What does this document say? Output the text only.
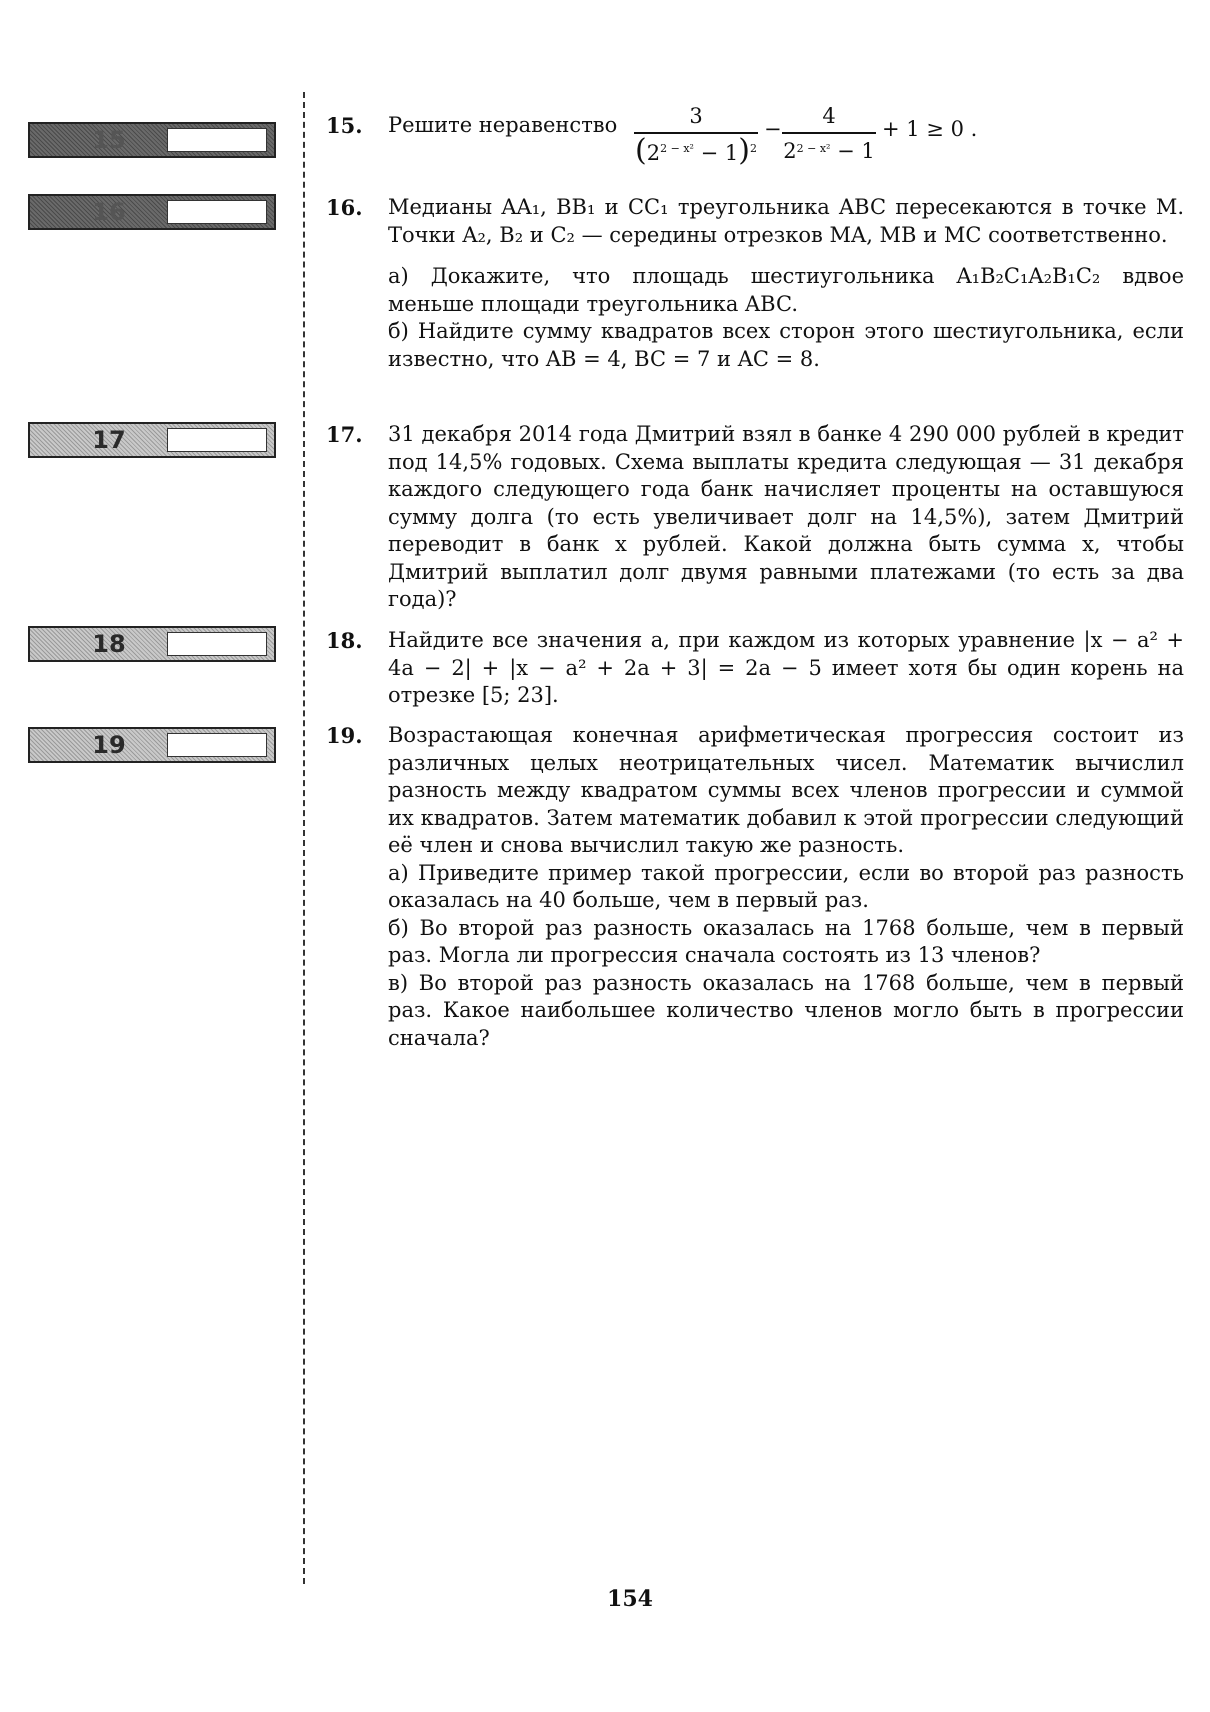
15
16
17
18
19
15. Решите неравенство	3
$(2^{2 - x^2} - 1)^2$
−
4
$2^{2 - x^2} - 1$
+ 1 ≥ 0 .
16. Медианы AA₁, BB₁ и CC₁ треугольника ABC пересекаются в точке M. Точки A₂, B₂ и C₂ — середины отрезков MA, MB и MC соответственно.

а) Докажите, что площадь шестиугольника A₁B₂C₁A₂B₁C₂ вдвое меньше площади треугольника ABC.

б) Найдите сумму квадратов всех сторон этого шестиугольника, если известно, что AB = 4, BC = 7 и AC = 8.

17. 31 декабря 2014 года Дмитрий взял в банке 4 290 000 рублей в кредит под 14,5% годовых. Схема выплаты кредита следующая — 31 декабря каждого следующего года банк начисляет проценты на оставшуюся сумму долга (то есть увеличивает долг на 14,5%), затем Дмитрий переводит в банк x рублей. Какой должна быть сумма x, чтобы Дмитрий выплатил долг двумя равными платежами (то есть за два года)?

18. Найдите все значения a, при каждом из которых уравнение |x − a² + 4a − 2| + |x − a² + 2a + 3| = 2a − 5 имеет хотя бы один корень на отрезке [5; 23].

19. Возрастающая конечная арифметическая прогрессия состоит из различных целых неотрицательных чисел. Математик вычислил разность между квадратом суммы всех членов прогрессии и суммой их квадратов. Затем математик добавил к этой прогрессии следующий её член и снова вычислил такую же разность.

а) Приведите пример такой прогрессии, если во второй раз разность оказалась на 40 больше, чем в первый раз.

б) Во второй раз разность оказалась на 1768 больше, чем в первый раз. Могла ли прогрессия сначала состоять из 13 членов?

в) Во второй раз разность оказалась на 1768 больше, чем в первый раз. Какое наибольшее количество членов могло быть в прогрессии сначала?

154
